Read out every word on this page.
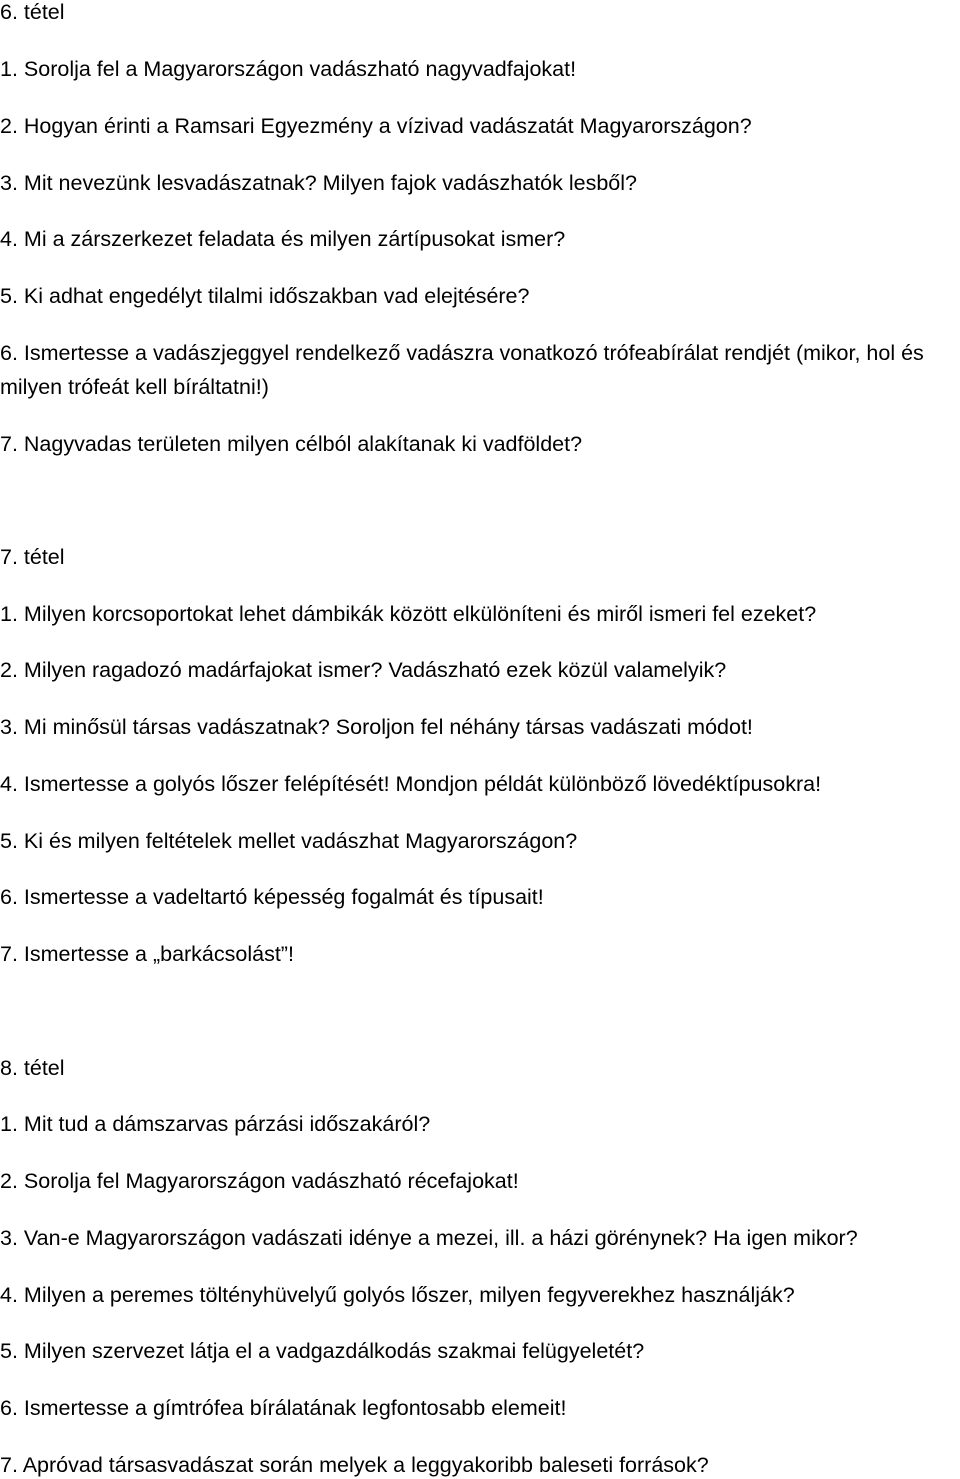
6. tétel

1. Sorolja fel a Magyarországon vadászható nagyvadfajokat!

2. Hogyan érinti a Ramsari Egyezmény a vízivad vadászatát Magyarországon?

3. Mit nevezünk lesvadászatnak? Milyen fajok vadászhatók lesből?

4. Mi a zárszerkezet feladata és milyen zártípusokat ismer?

5. Ki adhat engedélyt tilalmi időszakban vad elejtésére?

6. Ismertesse a vadászjeggyel rendelkező vadászra vonatkozó trófeabírálat rendjét (mikor, hol és

milyen trófeát kell bíráltatni!)

7. Nagyvadas területen milyen célból alakítanak ki vadföldet?

7. tétel

1. Milyen korcsoportokat lehet dámbikák között elkülöníteni és miről ismeri fel ezeket?

2. Milyen ragadozó madárfajokat ismer? Vadászható ezek közül valamelyik?

3. Mi minősül társas vadászatnak? Soroljon fel néhány társas vadászati módot!

4. Ismertesse a golyós lőszer felépítését! Mondjon példát különböző lövedéktípusokra!

5. Ki és milyen feltételek mellet vadászhat Magyarországon?

6. Ismertesse a vadeltartó képesség fogalmát és típusait!

7. Ismertesse a „barkácsolást”!

8. tétel

1. Mit tud a dámszarvas párzási időszakáról?

2. Sorolja fel Magyarországon vadászható récefajokat!

3. Van-e Magyarországon vadászati idénye a mezei, ill. a házi görénynek? Ha igen mikor?

4. Milyen a peremes töltényhüvelyű golyós lőszer, milyen fegyverekhez használják?

5. Milyen szervezet látja el a vadgazdálkodás szakmai felügyeletét?

6. Ismertesse a gímtrófea bírálatának legfontosabb elemeit!

7. Apróvad társasvadászat során melyek a leggyakoribb baleseti források?
